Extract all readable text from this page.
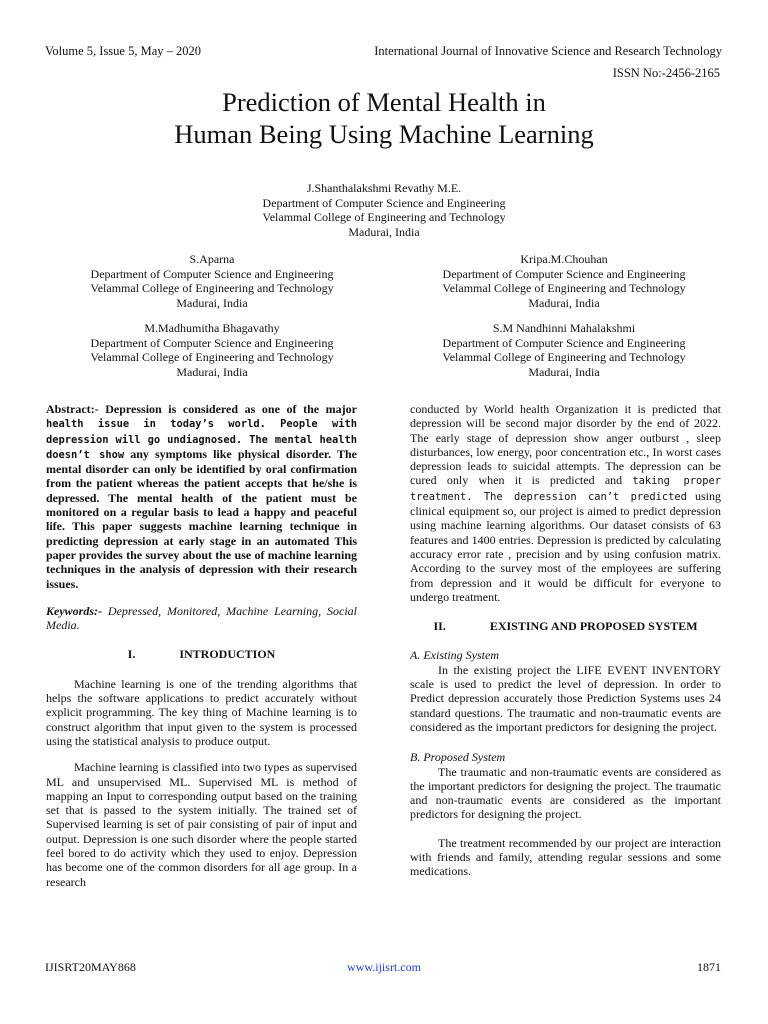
Volume 5, Issue 5, May – 2020	International Journal of Innovative Science and Research Technology
ISSN No:-2456-2165
Prediction of Mental Health in
Human Being Using Machine Learning
J.Shanthalakshmi Revathy M.E.
Department of Computer Science and Engineering
Velammal College of Engineering and Technology
Madurai, India
S.Aparna
Department of Computer Science and Engineering
Velammal College of Engineering and Technology
Madurai, India
Kripa.M.Chouhan
Department of Computer Science and Engineering
Velammal College of Engineering and Technology
Madurai, India
M.Madhumitha Bhagavathy
Department of Computer Science and Engineering
Velammal College of Engineering and Technology
Madurai, India
S.M Nandhinni Mahalakshmi
Department of Computer Science and Engineering
Velammal College of Engineering and Technology
Madurai, India
Abstract:- Depression is considered as one of the major health issue in today’s world. People with depression will go undiagnosed. The mental health doesn’t show any symptoms like physical disorder. The mental disorder can only be identified by oral confirmation from the patient whereas the patient accepts that he/she is depressed. The mental health of the patient must be monitored on a regular basis to lead a happy and peaceful life. This paper suggests machine learning technique in predicting depression at early stage in an automated This paper provides the survey about the use of machine learning techniques in the analysis of depression with their research issues.
Keywords:- Depressed, Monitored, Machine Learning, Social Media.
I.	INTRODUCTION

Machine learning is one of the trending algorithms that helps the software applications to predict accurately without explicit programming. The key thing of Machine learning is to construct algorithm that input given to the system is processed using the statistical analysis to produce output.

Machine learning is classified into two types as supervised ML and unsupervised ML. Supervised ML is method of mapping an Input to corresponding output based on the training set that is passed to the system initially. The trained set of Supervised learning is set of pair consisting of pair of input and output. Depression is one such disorder where the people started feel bored to do activity which they used to enjoy. Depression has become one of the common disorders for all age group. In a research

conducted by World health Organization it is predicted that depression will be second major disorder by the end of 2022. The early stage of depression show anger outburst , sleep disturbances, low energy, poor concentration etc., In worst cases depression leads to suicidal attempts. The depression can be cured only when it is predicted and taking proper treatment. The depression can’t predicted using clinical equipment so, our project is aimed to predict depression using machine learning algorithms. Our dataset consists of 63 features and 1400 entries. Depression is predicted by calculating accuracy error rate , precision and by using confusion matrix. According to the survey most of the employees are suffering from depression and it would be difficult for everyone to undergo treatment.

II.	EXISTING AND PROPOSED SYSTEM
A. Existing System

In the existing project the LIFE EVENT INVENTORY scale is used to predict the level of depression. In order to Predict depression accurately those Prediction Systems uses 24 standard questions. The traumatic and non-traumatic events are considered as the important predictors for designing the project.

B. Proposed System

The traumatic and non-traumatic events are considered as the important predictors for designing the project. The traumatic and non-traumatic events are considered as the important predictors for designing the project.

The treatment recommended by our project are interaction with friends and family, attending regular sessions and some medications.

IJISRT20MAY868	www.ijisrt.com	1871
